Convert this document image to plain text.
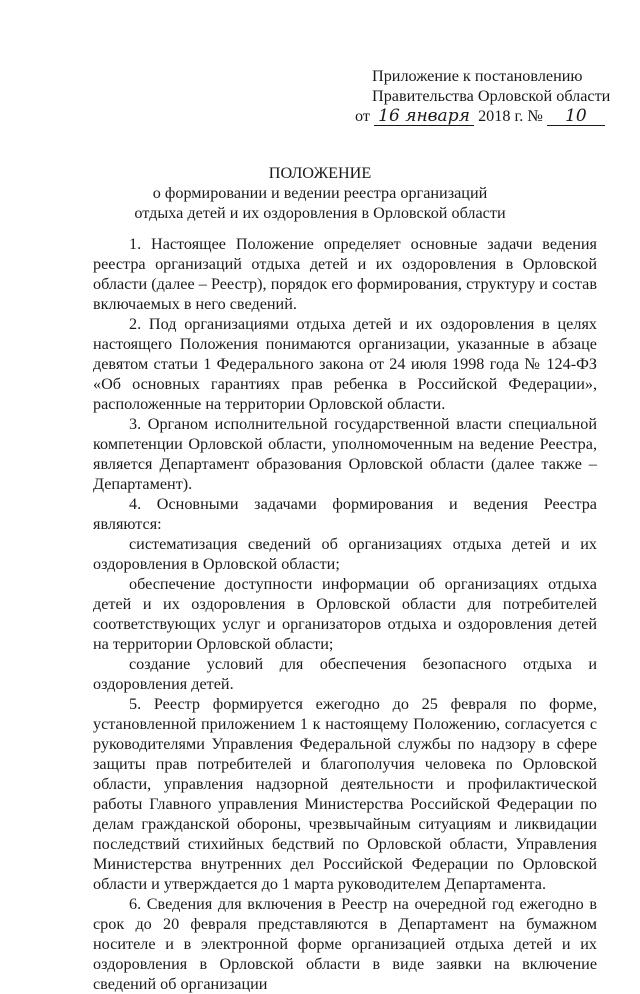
Приложение к постановлению
Правительства Орловской области
от 16 января 2018 г. № 10
ПОЛОЖЕНИЕ
о формировании и ведении реестра организаций
отдыха детей и их оздоровления в Орловской области

1. Настоящее Положение определяет основные задачи ведения реестра организаций отдыха детей и их оздоровления в Орловской области (далее – Реестр), порядок его формирования, структуру и состав включаемых в него сведений.

2. Под организациями отдыха детей и их оздоровления в целях настоящего Положения понимаются организации, указанные в абзаце девятом статьи 1 Федерального закона от 24 июля 1998 года № 124-ФЗ «Об основных гарантиях прав ребенка в Российской Федерации», расположенные на территории Орловской области.

3. Органом исполнительной государственной власти специальной компетенции Орловской области, уполномоченным на ведение Реестра, является Департамент образования Орловской области (далее также – Департамент).

4. Основными задачами формирования и ведения Реестра являются:

систематизация сведений об организациях отдыха детей и их оздоровления в Орловской области;

обеспечение доступности информации об организациях отдыха детей и их оздоровления в Орловской области для потребителей соответствующих услуг и организаторов отдыха и оздоровления детей на территории Орловской области;

создание условий для обеспечения безопасного отдыха и оздоровления детей.

5. Реестр формируется ежегодно до 25 февраля по форме, установленной приложением 1 к настоящему Положению, согласуется с руководителями Управления Федеральной службы по надзору в сфере защиты прав потребителей и благополучия человека по Орловской области, управления надзорной деятельности и профилактической работы Главного управления Министерства Российской Федерации по делам гражданской обороны, чрезвычайным ситуациям и ликвидации последствий стихийных бедствий по Орловской области, Управления Министерства внутренних дел Российской Федерации по Орловской области и утверждается до 1 марта руководителем Департамента.

6. Сведения для включения в Реестр на очередной год ежегодно в срок до 20 февраля представляются в Департамент на бумажном носителе и в электронной форме организацией отдыха детей и их оздоровления в Орловской области в виде заявки на включение сведений об организации
